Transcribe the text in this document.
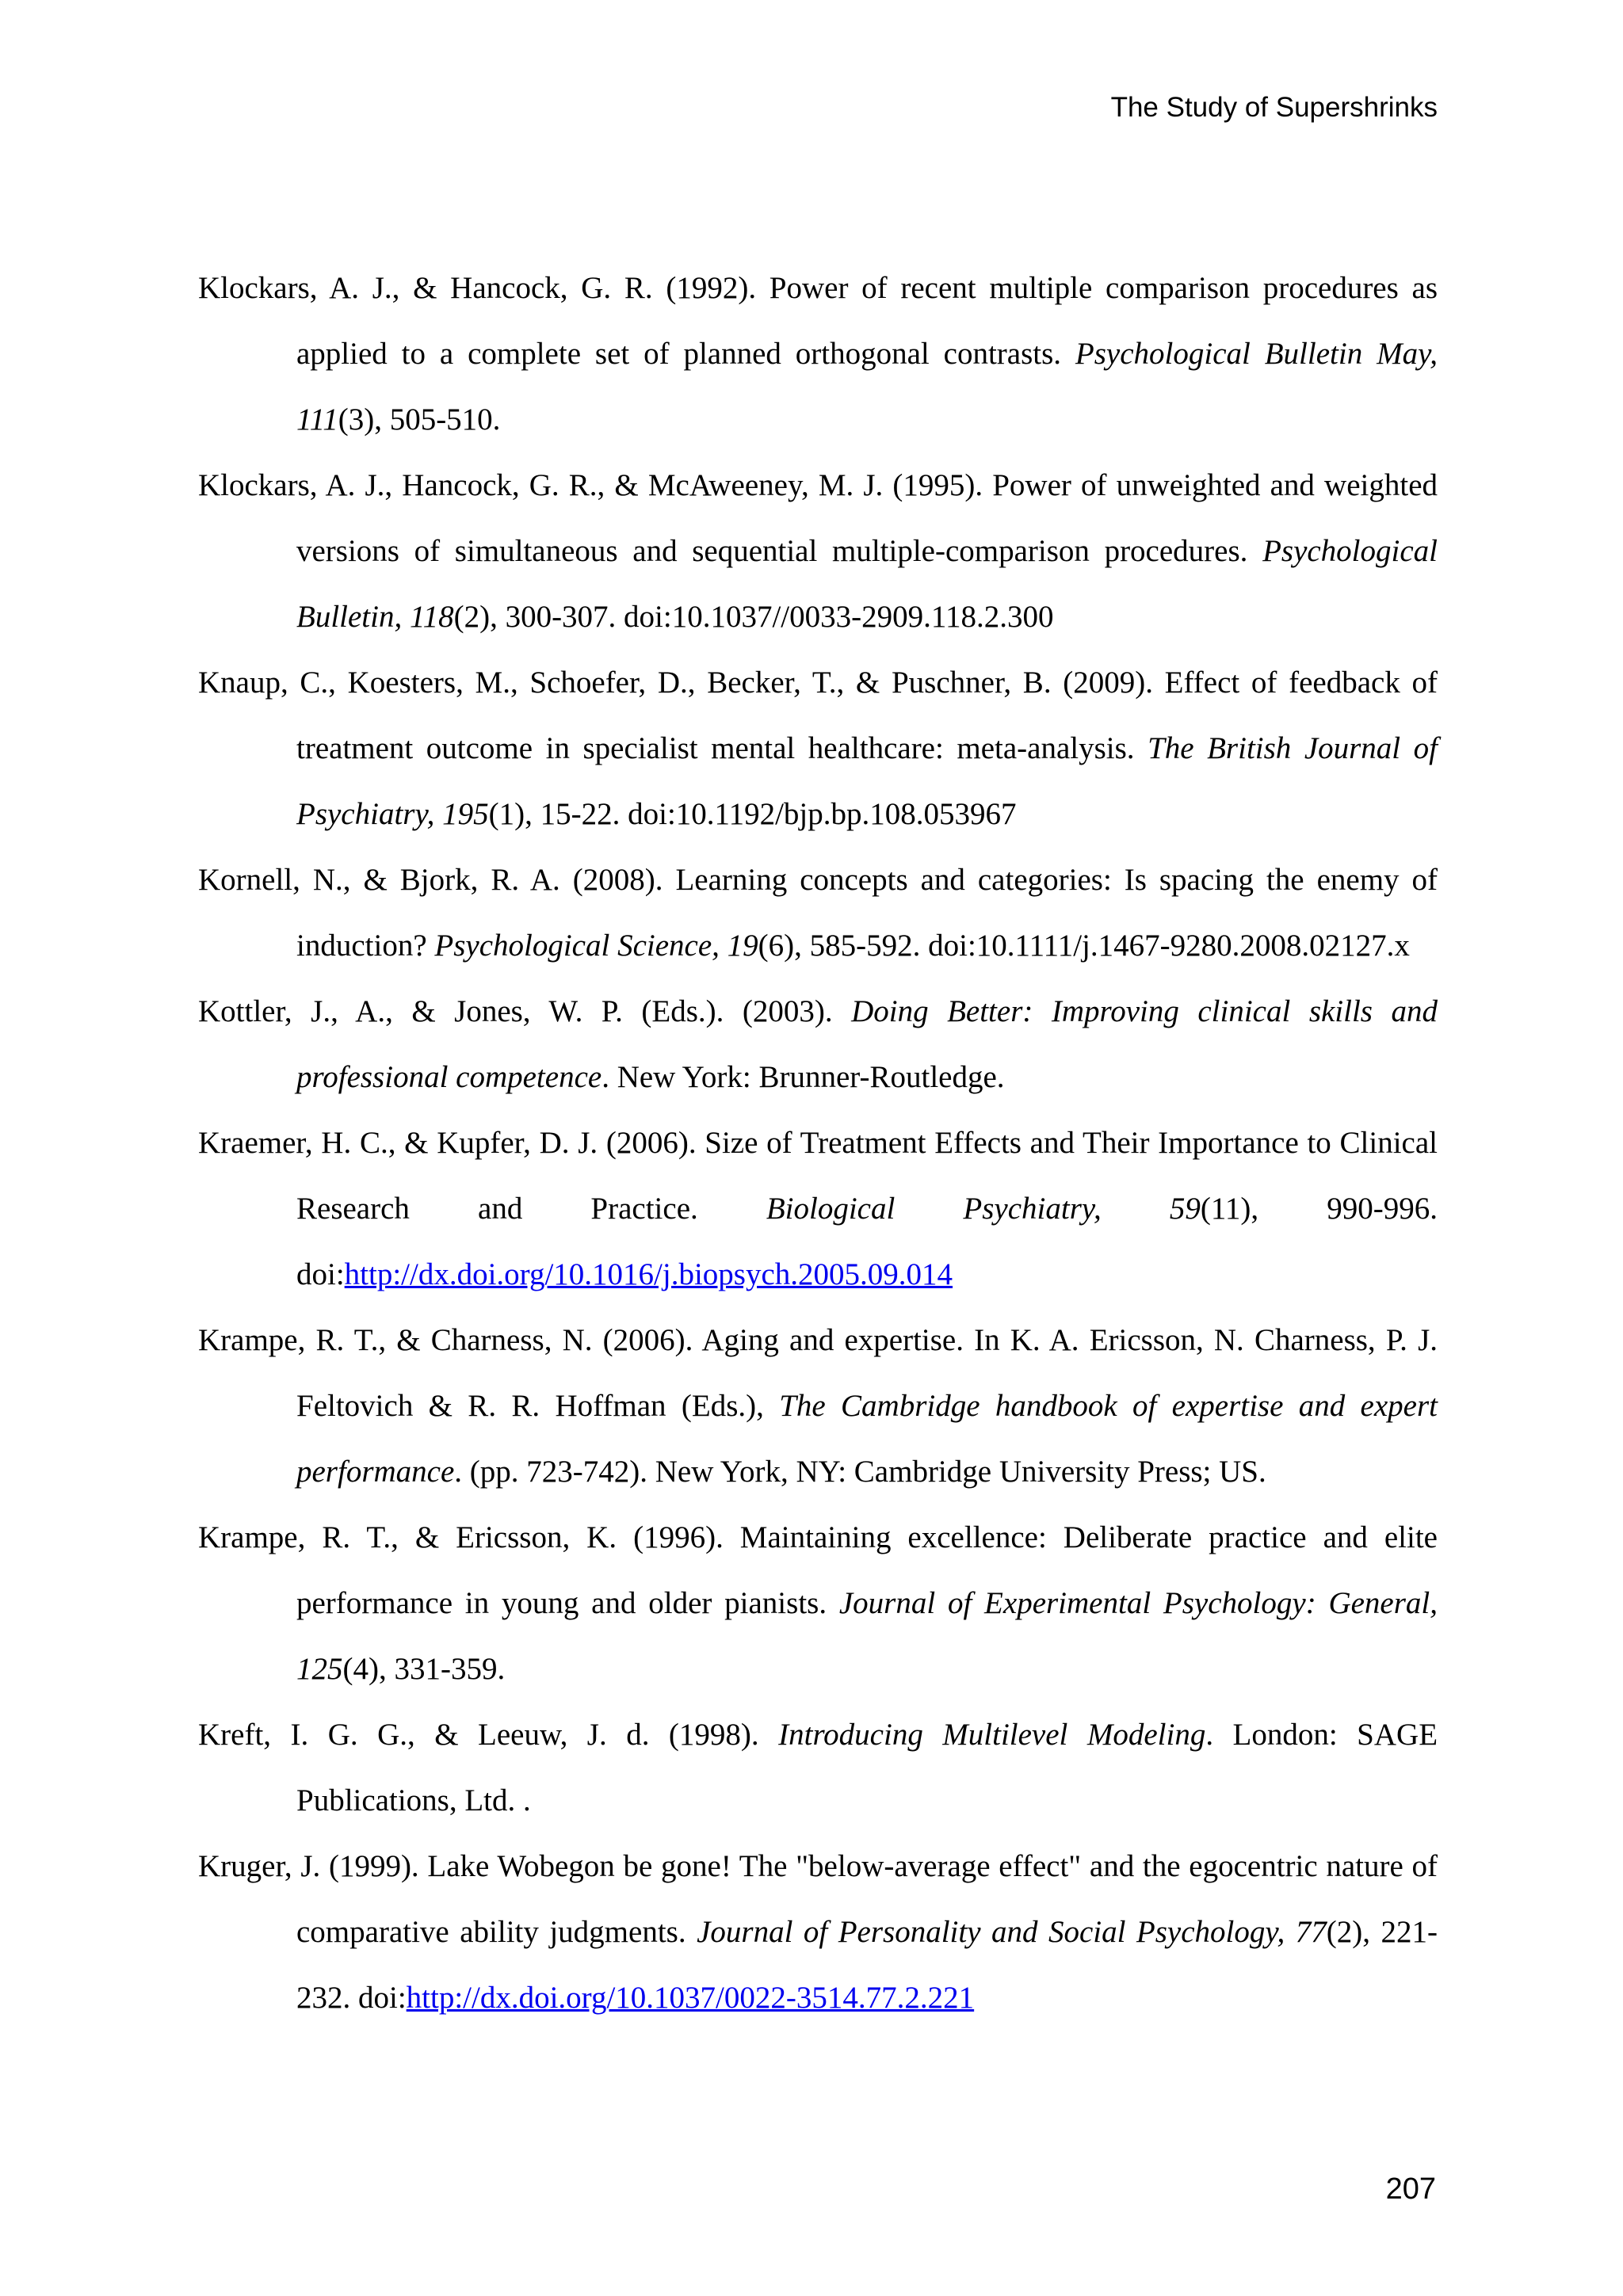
The Study of Supershrinks

Klockars, A. J., & Hancock, G. R. (1992). Power of recent multiple comparison procedures as applied to a complete set of planned orthogonal contrasts. Psychological Bulletin May, 111(3), 505-510.

Klockars, A. J., Hancock, G. R., & McAweeney, M. J. (1995). Power of unweighted and weighted versions of simultaneous and sequential multiple-comparison procedures. Psychological Bulletin, 118(2), 300-307. doi:10.1037//0033-2909.118.2.300

Knaup, C., Koesters, M., Schoefer, D., Becker, T., & Puschner, B. (2009). Effect of feedback of treatment outcome in specialist mental healthcare: meta-analysis. The British Journal of Psychiatry, 195(1), 15-22. doi:10.1192/bjp.bp.108.053967

Kornell, N., & Bjork, R. A. (2008). Learning concepts and categories: Is spacing the enemy of induction? Psychological Science, 19(6), 585-592. doi:10.1111/j.1467-9280.2008.02127.x

Kottler, J., A., & Jones, W. P. (Eds.). (2003). Doing Better: Improving clinical skills and professional competence. New York: Brunner-Routledge.

Kraemer, H. C., & Kupfer, D. J. (2006). Size of Treatment Effects and Their Importance to Clinical Research and Practice. Biological Psychiatry, 59(11), 990-996. doi:http://dx.doi.org/10.1016/j.biopsych.2005.09.014

Krampe, R. T., & Charness, N. (2006). Aging and expertise. In K. A. Ericsson, N. Charness, P. J. Feltovich & R. R. Hoffman (Eds.), The Cambridge handbook of expertise and expert performance. (pp. 723-742). New York, NY: Cambridge University Press; US.

Krampe, R. T., & Ericsson, K. (1996). Maintaining excellence: Deliberate practice and elite performance in young and older pianists. Journal of Experimental Psychology: General, 125(4), 331-359.

Kreft, I. G. G., & Leeuw, J. d. (1998). Introducing Multilevel Modeling. London: SAGE Publications, Ltd. .

Kruger, J. (1999). Lake Wobegon be gone! The "below-average effect" and the egocentric nature of comparative ability judgments. Journal of Personality and Social Psychology, 77(2), 221-232. doi:http://dx.doi.org/10.1037/0022-3514.77.2.221

207
